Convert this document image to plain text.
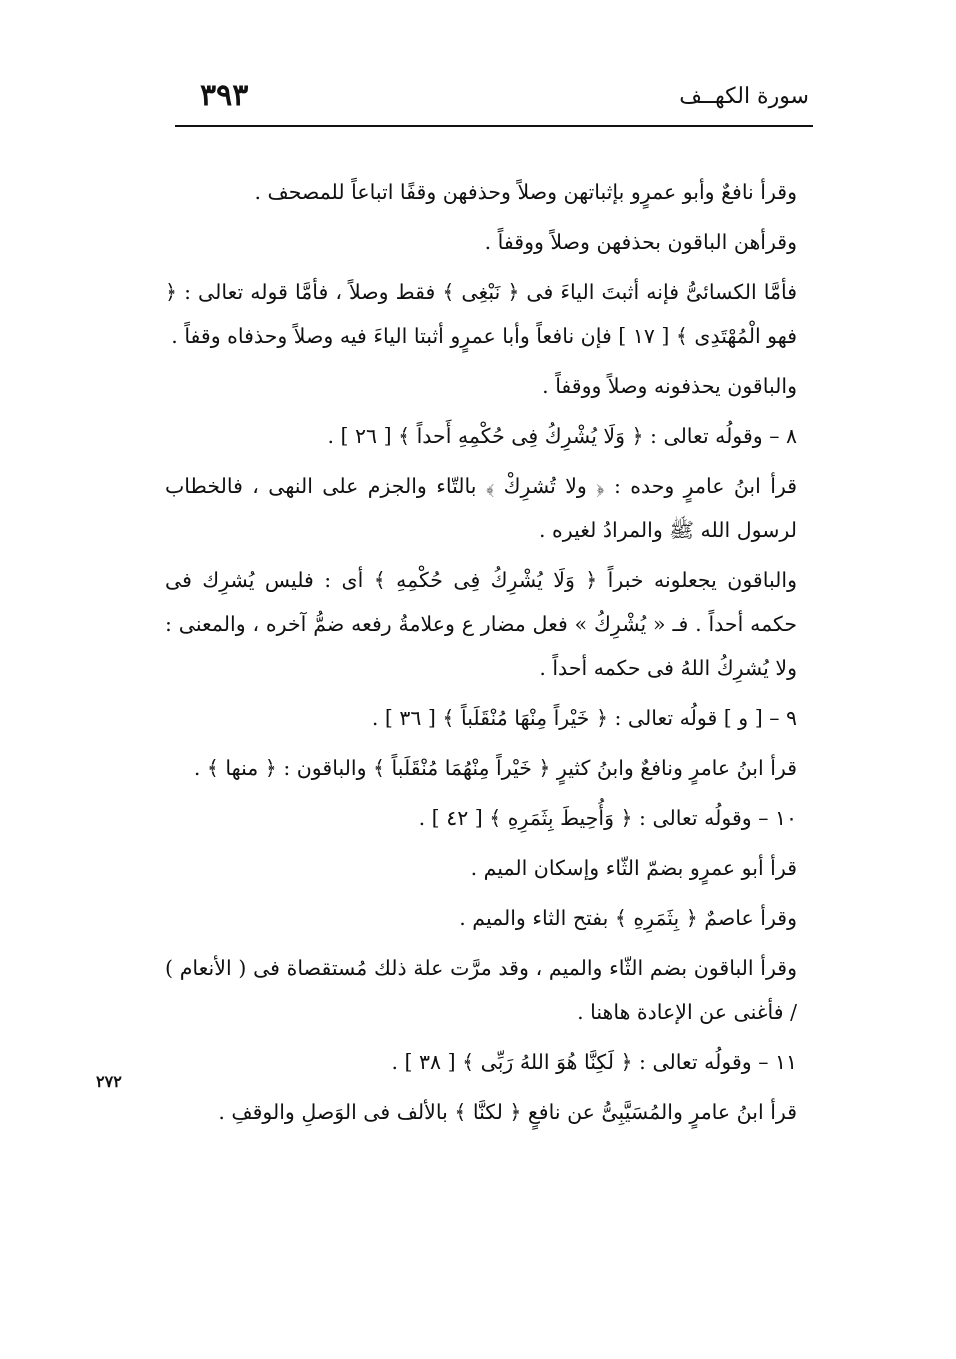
سورة الكهــف
٣٩٣
٢٧٢

وقرأ نافعٌ وأبو عمرٍو بإثباتهن وصلاً وحذفهن وقفًا اتباعاً للمصحف .

وقرأهن الباقون بحذفهن وصلاً ووقفاً .

فأمَّا الكسائىُّ فإنه أثبتَ الياءَ فى ﴿ نَبْغِى ﴾ فقط وصلاً ، فأمَّا قوله تعالى : ﴿ فهو الْمُهْتَدِى ﴾ [ ١٧ ] فإن نافعاً وأبا عمرٍو أثبتا الياءَ فيه وصلاً وحذفاه وقفاً .

والباقون يحذفونه وصلاً ووقفاً .

٨ – وقولُه تعالى : ﴿ وَلَا يُشْرِكُ فِى حُكْمِهِ أَحداً ﴾ [ ٢٦ ] .

قرأ ابنُ عامرٍ وحده : ﴿ ولا تُشرِكْ ﴾ بالتّاء والجزم على النهى ، فالخطاب لرسول الله ﷺ والمرادُ لغيره .

والباقون يجعلونه خبراً ﴿ وَلَا يُشْرِكُ فِى حُكْمِهِ ﴾ أى : فليس يُشرِك فى حكمه أحداً . فـ « يُشْرِكُ » فعل مضار ع وعلامةُ رفعه ضمُّ آخره ، والمعنى : ولا يُشرِكُ اللهُ فى حكمه أحداً .

٩ – [ و ] قولُه تعالى : ﴿ خَيْراً مِنْهَا مُنْقَلَباً ﴾ [ ٣٦ ] .

قرأ ابنُ عامرٍ ونافعٌ وابنُ كثيرٍ ﴿ خَيْراً مِنْهُمَا مُنْقَلَباً ﴾ والباقون : ﴿ منها ﴾ .

١٠ – وقولُه تعالى : ﴿ وَأُحِيطَ بِثَمَرِهِ ﴾ [ ٤٢ ] .

قرأ أبو عمرٍو بضمّ الثّاء وإسكان الميم .

وقرأ عاصمٌ ﴿ بِثَمَرِهِ ﴾ بفتح الثاء والميم .

وقرأ الباقون بضم الثّاء والميم ، وقد مرَّت علة ذلك مُستقصاة فى ( الأنعام ) / فأغنى عن الإعادة هاهنا .

١١ – وقولُه تعالى : ﴿ لَكِنَّا هُوَ اللهُ رَبِّى ﴾ [ ٣٨ ] .

قرأ ابنُ عامرٍ والمُسَيَّبِىُّ عن نافعٍ ﴿ لكنَّا ﴾ بالألف فى الوَصلِ والوقفِ .
